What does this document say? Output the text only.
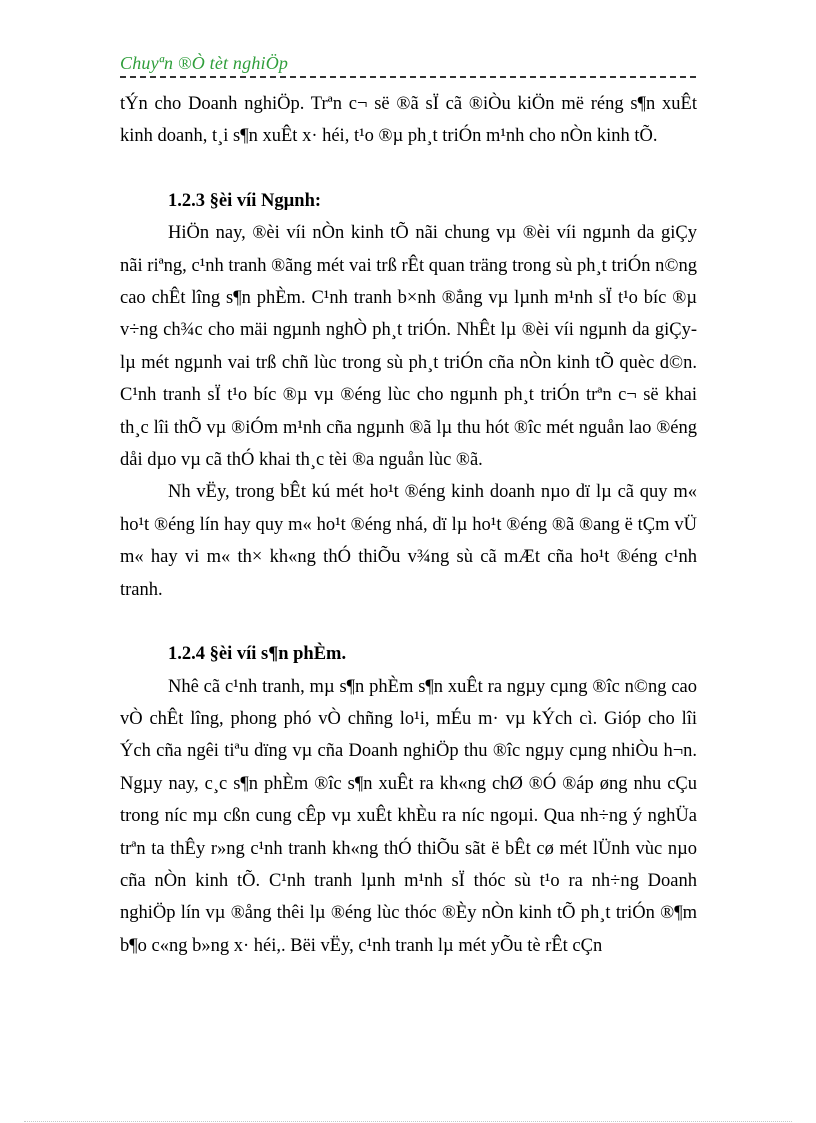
Chuyªn ®Ò tèt nghiÖp

tÝn cho Doanh nghiÖp. Trªn c¬ së ®ã sÏ cã ®iÒu kiÖn më réng s¶n xuÊt kinh doanh, t¸i s¶n xuÊt x· héi, t¹o ®µ ph¸t triÓn m¹nh cho nÒn kinh tÕ.

1.2.3 §èi víi Ngµnh:

HiÖn nay, ®èi víi nÒn kinh tÕ nãi chung vµ ®èi víi ngµnh da giÇy nãi riªng, c¹nh tranh ®ãng mét vai trß rÊt quan träng trong sù ph¸t triÓn n©ng cao chÊt lîng s¶n phÈm. C¹nh tranh b×nh ®ẳng vµ lµnh m¹nh sÏ t¹o bíc ®µ v÷ng ch¾c cho mäi ngµnh nghÒ ph¸t triÓn. NhÊt lµ ®èi víi ngµnh da giÇy- lµ mét ngµnh vai trß chñ lùc trong sù ph¸t triÓn cña nÒn kinh tÕ quèc d©n. C¹nh tranh sÏ t¹o bíc ®µ vµ ®éng lùc cho ngµnh ph¸t triÓn trªn c¬ së khai th¸c lîi thÕ vµ ®iÓm m¹nh cña ngµnh ®ã lµ thu hót ®îc mét nguån lao ®éng dåi dµo vµ cã thÓ khai th¸c tèi ®a nguån lùc ®ã.

Nh vËy, trong bÊt kú mét ho¹t ®éng kinh doanh nµo dï lµ cã quy m« ho¹t ®éng lín hay quy m« ho¹t ®éng nhá, dï lµ ho¹t ®éng ®ã ®ang ë tÇm vÜ m« hay vi m« th× kh«ng thÓ thiÕu v¾ng sù cã mÆt cña ho¹t ®éng c¹nh tranh.

1.2.4 §èi víi s¶n phÈm.

Nhê cã c¹nh tranh, mµ s¶n phÈm s¶n xuÊt ra ngµy cµng ®îc n©ng cao vÒ chÊt lîng, phong phó vÒ chñng lo¹i, mÉu m· vµ kÝch cì. Gióp cho lîi Ých cña ngêi tiªu dïng vµ cña Doanh nghiÖp thu ®îc ngµy cµng nhiÒu h¬n. Ngµy nay, c¸c s¶n phÈm ®îc s¶n xuÊt ra kh«ng chØ ®Ó ®áp øng nhu cÇu trong níc mµ cßn cung cÊp vµ xuÊt khÈu ra níc ngoµi. Qua nh÷ng ý nghÜa trªn ta thÊy r»ng c¹nh tranh kh«ng thÓ thiÕu sãt ë bÊt cø mét lÜnh vùc nµo cña nÒn kinh tÕ. C¹nh tranh lµnh m¹nh sÏ thóc sù t¹o ra nh÷ng Doanh nghiÖp lín vµ ®ång thêi lµ ®éng lùc thóc ®Èy nÒn kinh tÕ ph¸t triÓn ®¶m b¶o c«ng b»ng x· héi,. Bëi vËy, c¹nh tranh lµ mét yÕu tè rÊt cÇn
